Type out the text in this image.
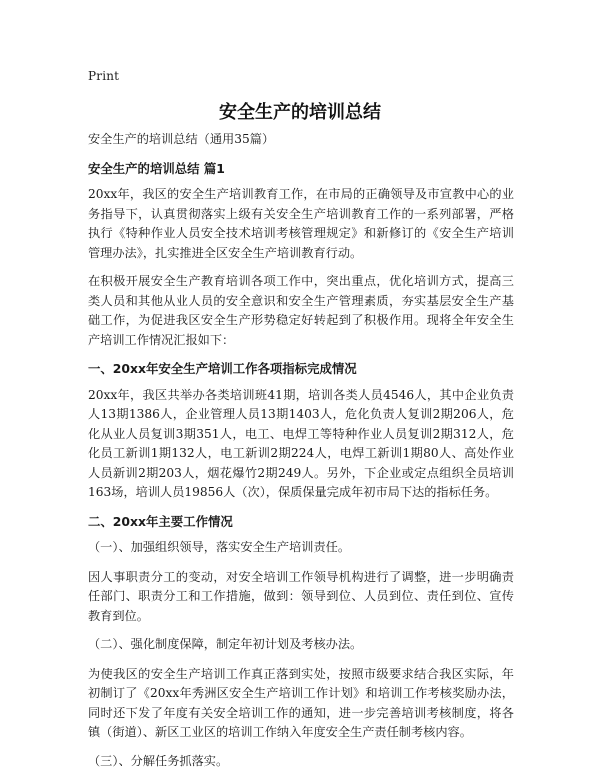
Print
安全生产的培训总结

安全生产的培训总结（通用35篇）

安全生产的培训总结 篇1

20xx年，我区的安全生产培训教育工作，在市局的正确领导及市宣教中心的业务指导下，认真贯彻落实上级有关安全生产培训教育工作的一系列部署，严格执行《特种作业人员安全技术培训考核管理规定》和新修订的《安全生产培训管理办法》，扎实推进全区安全生产培训教育行动。

在积极开展安全生产教育培训各项工作中，突出重点，优化培训方式，提高三类人员和其他从业人员的安全意识和安全生产管理素质，夯实基层安全生产基础工作，为促进我区安全生产形势稳定好转起到了积极作用。现将全年安全生产培训工作情况汇报如下：

一、20xx年安全生产培训工作各项指标完成情况

20xx年，我区共举办各类培训班41期，培训各类人员4546人，其中企业负责人13期1386人，企业管理人员13期1403人，危化负责人复训2期206人，危化从业人员复训3期351人，电工、电焊工等特种作业人员复训2期312人，危化员工新训1期132人，电工新训2期224人，电焊工新训1期80人、高处作业人员新训2期203人，烟花爆竹2期249人。另外，下企业或定点组织全员培训163场，培训人员19856人（次），保质保量完成年初市局下达的指标任务。

二、20xx年主要工作情况

（一）、加强组织领导，落实安全生产培训责任。

因人事职责分工的变动，对安全培训工作领导机构进行了调整，进一步明确责任部门、职责分工和工作措施，做到：领导到位、人员到位、责任到位、宣传教育到位。

（二）、强化制度保障，制定年初计划及考核办法。

为使我区的安全生产培训工作真正落到实处，按照市级要求结合我区实际，年初制订了《20xx年秀洲区安全生产培训工作计划》和培训工作考核奖励办法，同时还下发了年度有关安全培训工作的通知，进一步完善培训考核制度，将各镇（街道）、新区工业区的培训工作纳入年度安全生产责任制考核内容。

（三）、分解任务抓落实。
